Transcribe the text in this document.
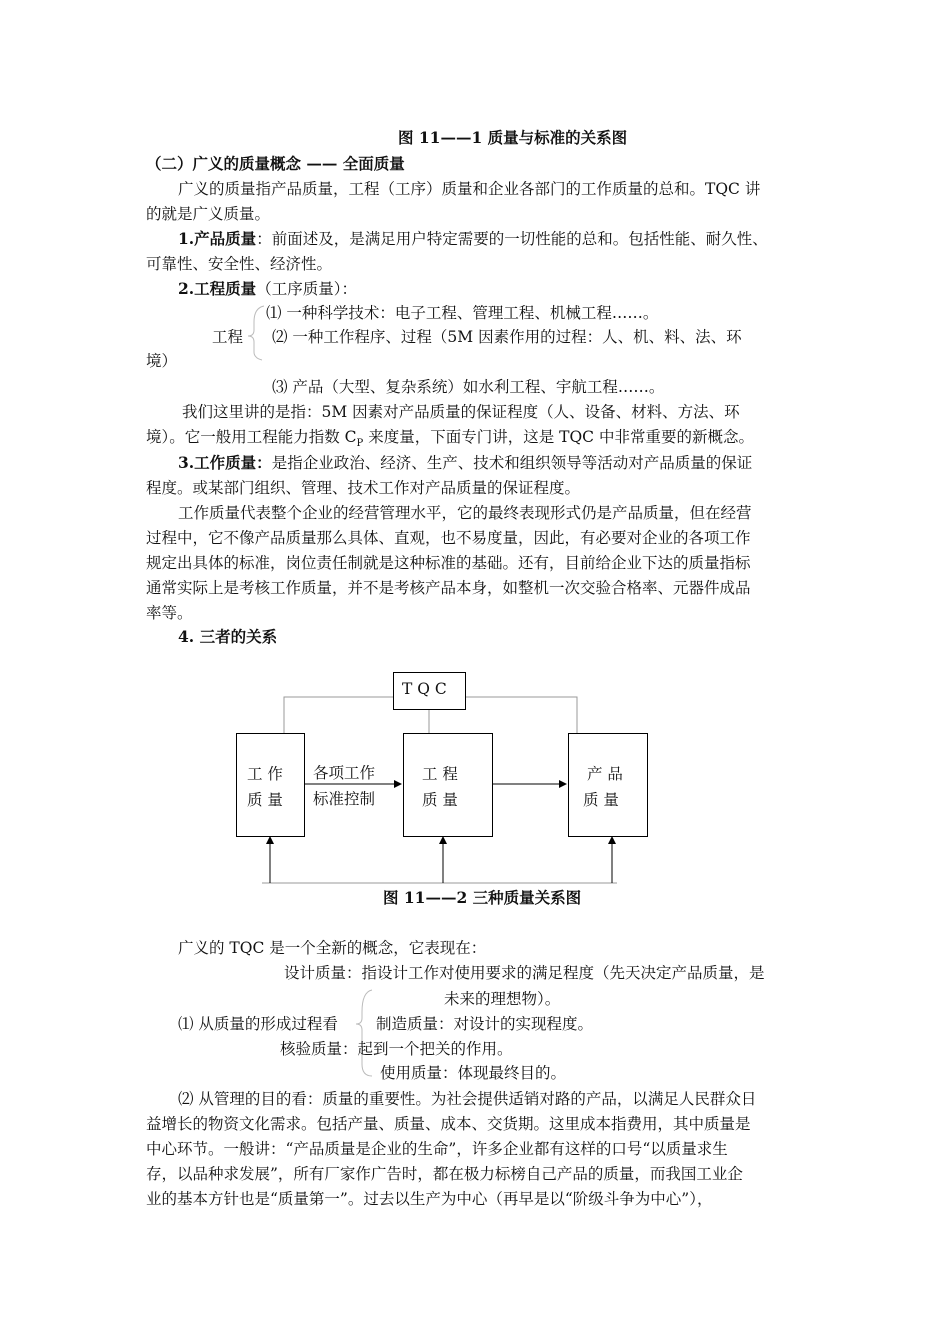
图 11——1 质量与标准的关系图
（二）广义的质量概念 —— 全面质量
广义的质量指产品质量，工程（工序）质量和企业各部门的工作质量的总和。TQC 讲
的就是广义质量。
1.产品质量：前面述及，是满足用户特定需要的一切性能的总和。包括性能、耐久性、
可靠性、安全性、经济性。
2.工程质量（工序质量）：
⑴ 一种科学技术：电子工程、管理工程、机械工程……。
工程 ⑵ 一种工作程序、过程（5M 因素作用的过程：人、机、料、法、环
境）
⑶ 产品（大型、复杂系统）如水利工程、宇航工程……。
我们这里讲的是指：5M 因素对产品质量的保证程度（人、设备、材料、方法、环
境）。它一般用工程能力指数 $C_P$ 来度量，下面专门讲，这是 TQC 中非常重要的新概念。
3.工作质量：是指企业政治、经济、生产、技术和组织领导等活动对产品质量的保证
程度。或某部门组织、管理、技术工作对产品质量的保证程度。
工作质量代表整个企业的经营管理水平，它的最终表现形式仍是产品质量，但在经营
过程中，它不像产品质量那么具体、直观，也不易度量，因此，有必要对企业的各项工作
规定出具体的标准，岗位责任制就是这种标准的基础。还有，目前给企业下达的质量指标
通常实际上是考核工作质量，并不是考核产品本身，如整机一次交验合格率、元器件成品
率等。
4. 三者的关系
T Q C
工 作
质 量
各项工作
标准控制
工 程
质 量
产 品
质 量
图 11——2 三种质量关系图
广义的 TQC 是一个全新的概念，它表现在：
设计质量：指设计工作对使用要求的满足程度（先天决定产品质量，是
未来的理想物）。
⑴ 从质量的形成过程看 制造质量：对设计的实现程度。
核验质量：起到一个把关的作用。
使用质量：体现最终目的。
⑵ 从管理的目的看：质量的重要性。为社会提供适销对路的产品，以满足人民群众日
益增长的物资文化需求。包括产量、质量、成本、交货期。这里成本指费用，其中质量是
中心环节。一般讲：“产品质量是企业的生命”，许多企业都有这样的口号“以质量求生
存，以品种求发展”，所有厂家作广告时，都在极力标榜自己产品的质量，而我国工业企
业的基本方针也是“质量第一”。过去以生产为中心（再早是以“阶级斗争为中心”），
